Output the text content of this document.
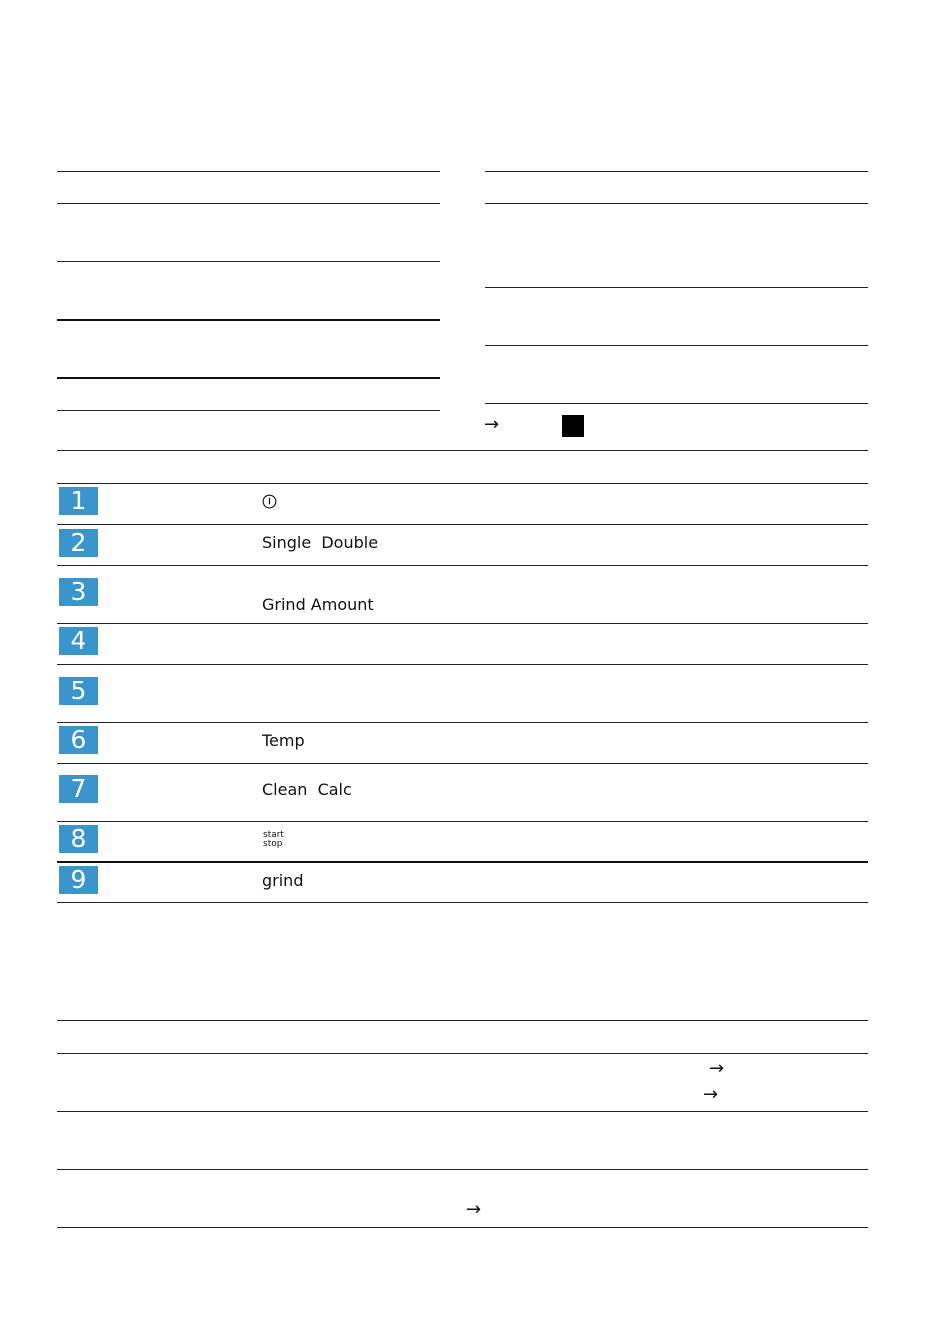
→
1
2	Single  Double
3	Grind Amount
4
5
6	Temp
7	Clean  Calc
8	start
stop
9	grind
→
→
→
